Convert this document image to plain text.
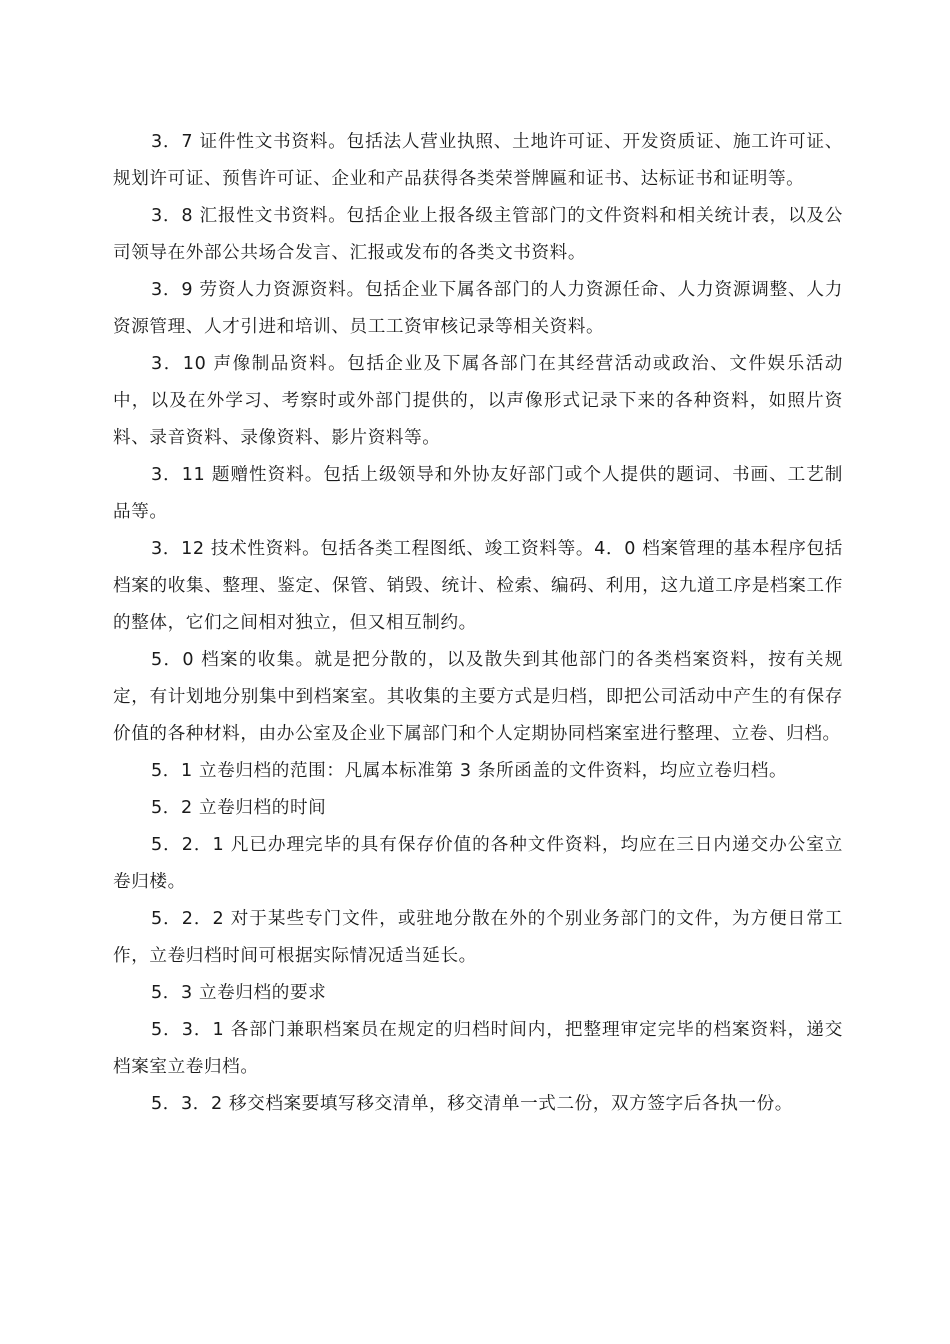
3．7 证件性文书资料。包括法人营业执照、土地许可证、开发资质证、施工许可证、规划许可证、预售许可证、企业和产品获得各类荣誉牌匾和证书、达标证书和证明等。

3．8 汇报性文书资料。包括企业上报各级主管部门的文件资料和相关统计表，以及公司领导在外部公共场合发言、汇报或发布的各类文书资料。

3．9 劳资人力资源资料。包括企业下属各部门的人力资源任命、人力资源调整、人力资源管理、人才引进和培训、员工工资审核记录等相关资料。

3．10 声像制品资料。包括企业及下属各部门在其经营活动或政治、文件娱乐活动中，以及在外学习、考察时或外部门提供的，以声像形式记录下来的各种资料，如照片资料、录音资料、录像资料、影片资料等。

3．11 题赠性资料。包括上级领导和外协友好部门或个人提供的题词、书画、工艺制品等。

3．12 技术性资料。包括各类工程图纸、竣工资料等。4．0 档案管理的基本程序包括档案的收集、整理、鉴定、保管、销毁、统计、检索、编码、利用，这九道工序是档案工作的整体，它们之间相对独立，但又相互制约。

5．0 档案的收集。就是把分散的，以及散失到其他部门的各类档案资料，按有关规定，有计划地分别集中到档案室。其收集的主要方式是归档，即把公司活动中产生的有保存价值的各种材料，由办公室及企业下属部门和个人定期协同档案室进行整理、立卷、归档。

5．1 立卷归档的范围：凡属本标准第 3 条所函盖的文件资料，均应立卷归档。

5．2 立卷归档的时间

5．2．1 凡已办理完毕的具有保存价值的各种文件资料，均应在三日内递交办公室立卷归楼。

5．2．2 对于某些专门文件，或驻地分散在外的个别业务部门的文件，为方便日常工作，立卷归档时间可根据实际情况适当延长。

5．3 立卷归档的要求

5．3．1 各部门兼职档案员在规定的归档时间内，把整理审定完毕的档案资料，递交档案室立卷归档。

5．3．2 移交档案要填写移交清单，移交清单一式二份，双方签字后各执一份。
